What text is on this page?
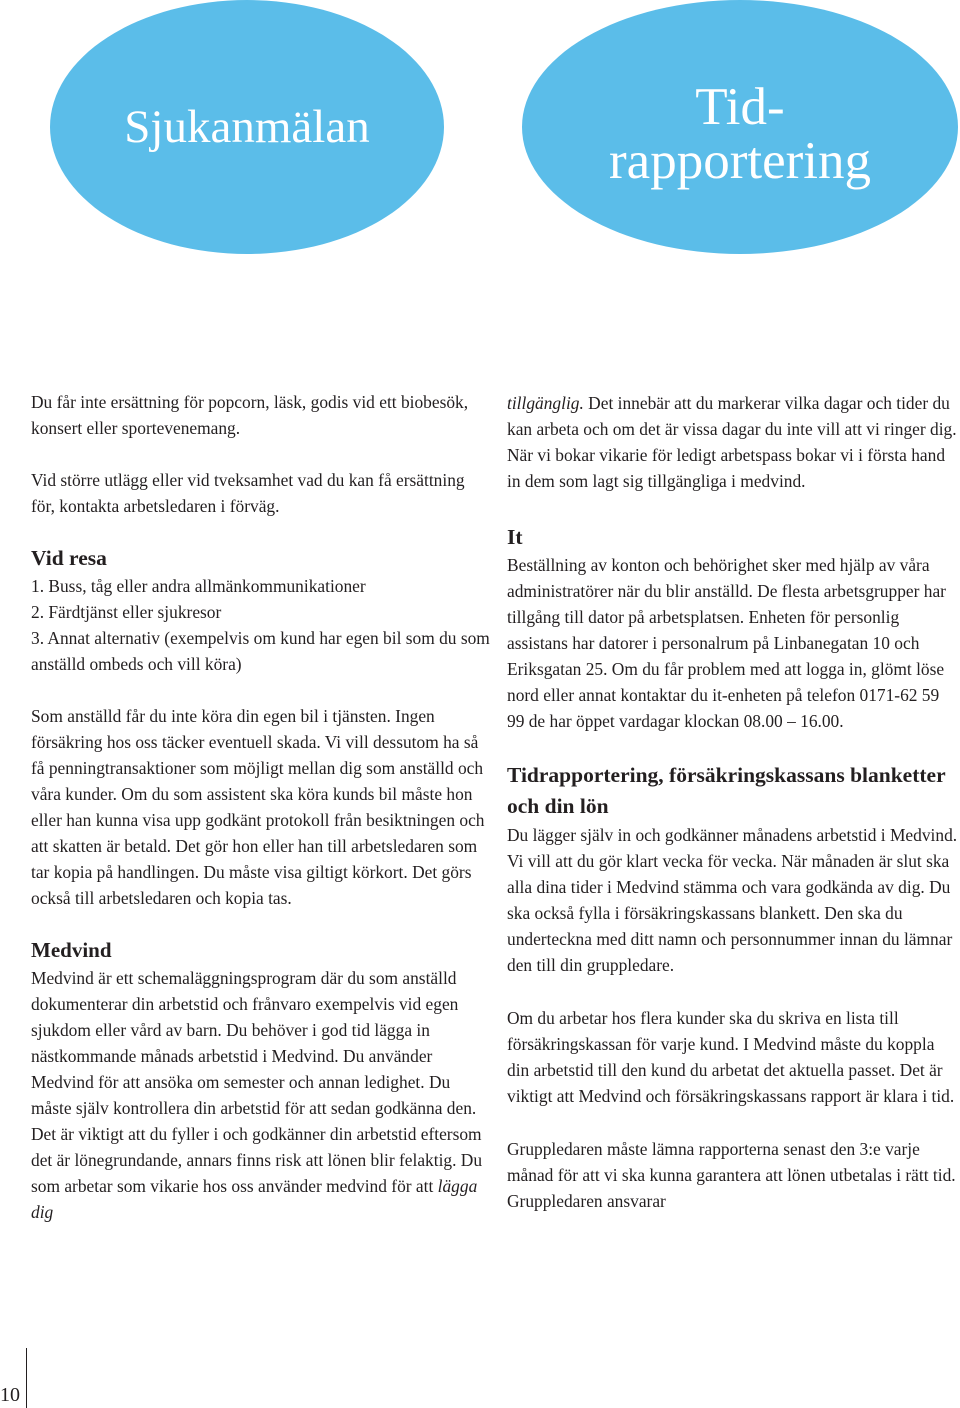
Sjukanmälan	Tid-
rapportering

Du får inte ersättning för popcorn, läsk, godis vid ett biobesök, konsert eller sportevenemang.

Vid större utlägg eller vid tveksamhet vad du kan få ersättning för, kontakta arbetsledaren i förväg.

Vid resa

1. Buss, tåg eller andra allmänkommunikationer

2. Färdtjänst eller sjukresor

3. Annat alternativ (exempelvis om kund har egen bil som du som anställd ombeds och vill köra)

Som anställd får du inte köra din egen bil i tjänsten. Ingen försäkring hos oss täcker eventuell skada. Vi vill dessutom ha så få penningtransaktioner som möjligt mellan dig som anställd och våra kunder. Om du som assistent ska köra kunds bil måste hon eller han kunna visa upp godkänt protokoll från besiktningen och att skatten är betald. Det gör hon eller han till arbetsledaren som tar kopia på handlingen. Du måste visa giltigt körkort. Det görs också till arbetsledaren och kopia tas.

Medvind

Medvind är ett schemaläggningsprogram där du som anställd dokumenterar din arbetstid och frånvaro exempelvis vid egen sjukdom eller vård av barn. Du behöver i god tid lägga in nästkommande månads arbetstid i Medvind. Du använder Medvind för att ansöka om semester och annan ledighet. Du måste själv kontrollera din arbetstid för att sedan godkänna den. Det är viktigt att du fyller i och godkänner din arbetstid eftersom det är lönegrundande, annars finns risk att lönen blir felaktig. Du som arbetar som vikarie hos oss använder medvind för att lägga dig

tillgänglig. Det innebär att du markerar vilka dagar och tider du kan arbeta och om det är vissa dagar du inte vill att vi ringer dig. När vi bokar vikarie för ledigt arbetspass bokar vi i första hand in dem som lagt sig tillgängliga i medvind.

It

Beställning av konton och behörighet sker med hjälp av våra administratörer när du blir anställd. De flesta arbetsgrupper har tillgång till dator på arbetsplatsen. Enheten för personlig assistans har datorer i personalrum på Linbanegatan 10 och Eriksgatan 25. Om du får problem med att logga in, glömt löse nord eller annat kontaktar du it-enheten på telefon 0171-62 59 99 de har öppet vardagar klockan 08.00 – 16.00.

Tidrapportering, försäkringskassans blanketter och din lön

Du lägger själv in och godkänner månadens arbetstid i Medvind. Vi vill att du gör klart vecka för vecka. När månaden är slut ska alla dina tider i Medvind stämma och vara godkända av dig. Du ska också fylla i försäkringskassans blankett. Den ska du underteckna med ditt namn och personnummer innan du lämnar den till din gruppledare.

Om du arbetar hos flera kunder ska du skriva en lista till försäkringskassan för varje kund. I Medvind måste du koppla din arbetstid till den kund du arbetat det aktuella passet. Det är viktigt att Medvind och försäkringskassans rapport är klara i tid.

Gruppledaren måste lämna rapporterna senast den 3:e varje månad för att vi ska kunna garantera att lönen utbetalas i rätt tid. Gruppledaren ansvarar

10
